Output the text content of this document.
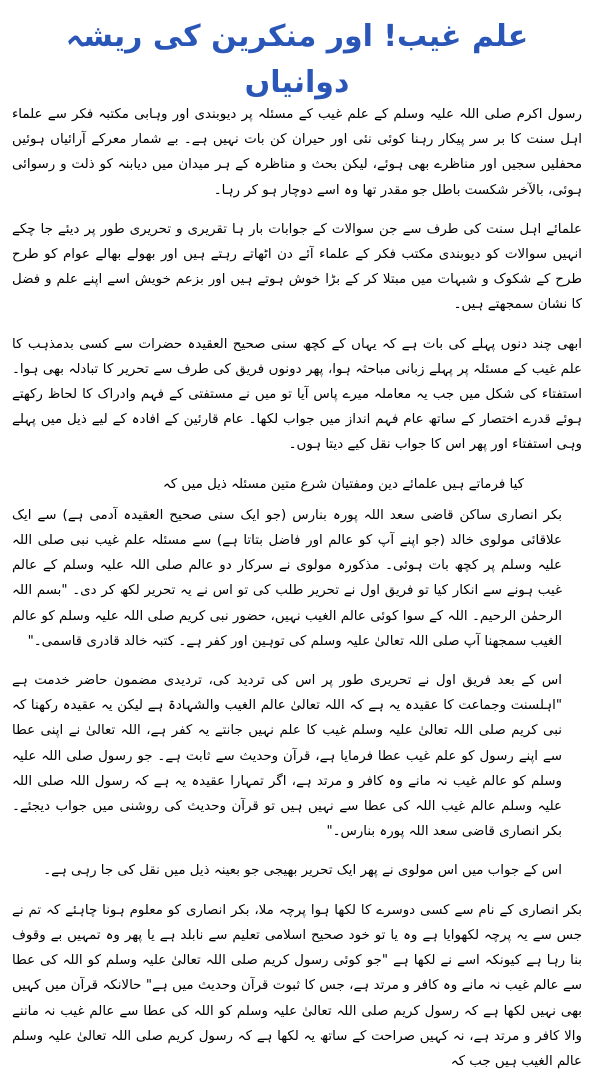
علم غیب! اور منکرین کی ریشہ دوانیاں

رسول اکرم صلی اللہ علیہ وسلم کے علم غیب کے مسئلہ پر دیوبندی اور وہابی مکتبہ فکر سے علماء اہل سنت کا بر سر پیکار رہنا کوئی نئی اور حیران کن بات نہیں ہے۔ بے شمار معرکے آرائیاں ہوئیں محفلیں سجیں اور مناظرے بھی ہوئے، لیکن بحث و مناظرہ کے ہر میدان میں دیابنہ کو ذلت و رسوائی ہوئی، بالآخر شکست باطل جو مقدر تھا وہ اسے دوچار ہو کر رہا۔

علمائے اہل سنت کی طرف سے جن سوالات کے جوابات بار ہا تقریری و تحریری طور پر دیئے جا چکے انہیں سوالات کو دیوبندی مکتب فکر کے علماء آئے دن اٹھاتے رہتے ہیں اور بھولے بھالے عوام کو طرح طرح کے شکوک و شبہات میں مبتلا کر کے بڑا خوش ہوتے ہیں اور بزعم خویش اسے اپنے علم و فضل کا نشان سمجھتے ہیں۔

ابھی چند دنوں پہلے کی بات ہے کہ یہاں کے کچھ سنی صحیح العقیدہ حضرات سے کسی بدمذہب کا علم غیب کے مسئلہ پر پہلے زبانی مباحثہ ہوا، پھر دونوں فریق کی طرف سے تحریر کا تبادلہ بھی ہوا۔ استفتاء کی شکل میں جب یہ معاملہ میرے پاس آیا تو میں نے مستفتی کے فہم وادراک کا لحاظ رکھتے ہوئے قدرے اختصار کے ساتھ عام فہم انداز میں جواب لکھا۔ عام قارئین کے افادہ کے لیے ذیل میں پہلے وہی استفتاء اور پھر اس کا جواب نقل کیے دیتا ہوں۔

کیا فرماتے ہیں علمائے دین ومفتیان شرع متین مسئلہ ذیل میں کہ

بکر انصاری ساکن قاضی سعد اللہ پورہ بنارس (جو ایک سنی صحیح العقیدہ آدمی ہے) سے ایک علاقائی مولوی خالد (جو اپنے آپ کو عالم اور فاضل بتاتا ہے) سے مسئلہ علم غیب نبی صلی اللہ علیہ وسلم پر کچھ بات ہوئی۔ مذکورہ مولوی نے سرکار دو عالم صلی اللہ علیہ وسلم کے عالم غیب ہونے سے انکار کیا تو فریق اول نے تحریر طلب کی تو اس نے یہ تحریر لکھ کر دی۔ "بسم اللہ الرحمٰن الرحیم۔ اللہ کے سوا کوئی عالم الغیب نہیں، حضور نبی کریم صلی اللہ علیہ وسلم کو عالم الغیب سمجھنا آپ صلی اللہ تعالیٰ علیہ وسلم کی توہین اور کفر ہے۔ کتبہ خالد قادری قاسمی۔"

اس کے بعد فریق اول نے تحریری طور پر اس کی تردید کی، تردیدی مضمون حاضر خدمت ہے "اہلسنت وجماعت کا عقیدہ یہ ہے کہ اللہ تعالیٰ عالم الغیب والشہادۃ ہے لیکن یہ عقیدہ رکھنا کہ نبی کریم صلی اللہ تعالیٰ علیہ وسلم غیب کا علم نہیں جانتے یہ کفر ہے، اللہ تعالیٰ نے اپنی عطا سے اپنے رسول کو علم غیب عطا فرمایا ہے، قرآن وحدیث سے ثابت ہے۔ جو رسول صلی اللہ علیہ وسلم کو عالم غیب نہ مانے وہ کافر و مرتد ہے، اگر تمہارا عقیدہ یہ ہے کہ رسول اللہ صلی اللہ علیہ وسلم عالم غیب اللہ کی عطا سے نہیں ہیں تو قرآن وحدیث کی روشنی میں جواب دیجئے۔ بکر انصاری قاضی سعد اللہ پورہ بنارس۔"

اس کے جواب میں اس مولوی نے پھر ایک تحریر بھیجی جو بعینہ ذیل میں نقل کی جا رہی ہے۔

بکر انصاری کے نام سے کسی دوسرے کا لکھا ہوا پرچہ ملا، بکر انصاری کو معلوم ہونا چاہئے کہ تم نے جس سے یہ پرچہ لکھوایا ہے وہ یا تو خود صحیح اسلامی تعلیم سے نابلد ہے یا پھر وہ تمہیں بے وقوف بنا رہا ہے کیونکہ اسے نے لکھا ہے "جو کوئی رسول کریم صلی اللہ تعالیٰ علیہ وسلم کو اللہ کی عطا سے عالم غیب نہ مانے وہ کافر و مرتد ہے، جس کا ثبوت قرآن وحدیث میں ہے" حالانکہ قرآن میں کہیں بھی نہیں لکھا ہے کہ رسول کریم صلی اللہ تعالیٰ علیہ وسلم کو اللہ کی عطا سے عالم غیب نہ ماننے والا کافر و مرتد ہے، نہ کہیں صراحت کے ساتھ یہ لکھا ہے کہ رسول کریم صلی اللہ تعالیٰ علیہ وسلم عالم الغیب ہیں جب کہ
